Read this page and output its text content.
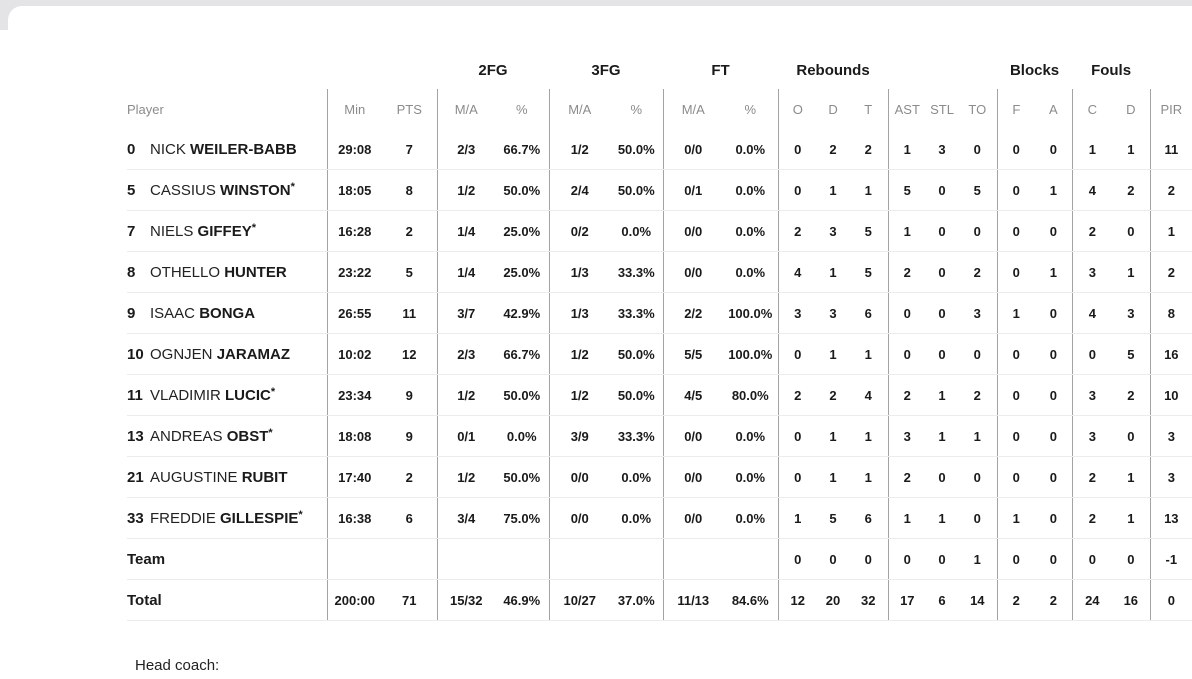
			2FG		3FG		FT		Rebounds						Blocks		Fouls		
Player	Min	PTS	M/A	%	M/A	%	M/A	%	O	D	T	AST	STL	TO	F	A	C	D	PIR
0 NICK WEILER-BABB	29:08	7	2/3	66.7%	1/2	50.0%	0/0	0.0%	0	2	2	1	3	0	0	0	1	1	11
5 CASSIUS WINSTON*	18:05	8	1/2	50.0%	2/4	50.0%	0/1	0.0%	0	1	1	5	0	5	0	1	4	2	2
7 NIELS GIFFEY*	16:28	2	1/4	25.0%	0/2	0.0%	0/0	0.0%	2	3	5	1	0	0	0	0	2	0	1
8 OTHELLO HUNTER	23:22	5	1/4	25.0%	1/3	33.3%	0/0	0.0%	4	1	5	2	0	2	0	1	3	1	2
9 ISAAC BONGA	26:55	11	3/7	42.9%	1/3	33.3%	2/2	100.0%	3	3	6	0	0	3	1	0	4	3	8
10 OGNJEN JARAMAZ	10:02	12	2/3	66.7%	1/2	50.0%	5/5	100.0%	0	1	1	0	0	0	0	0	0	5	16
11 VLADIMIR LUCIC*	23:34	9	1/2	50.0%	1/2	50.0%	4/5	80.0%	2	2	4	2	1	2	0	0	3	2	10
13 ANDREAS OBST*	18:08	9	0/1	0.0%	3/9	33.3%	0/0	0.0%	0	1	1	3	1	1	0	0	3	0	3
21 AUGUSTINE RUBIT	17:40	2	1/2	50.0%	0/0	0.0%	0/0	0.0%	0	1	1	2	0	0	0	0	2	1	3
33 FREDDIE GILLESPIE*	16:38	6	3/4	75.0%	0/0	0.0%	0/0	0.0%	1	5	6	1	1	0	1	0	2	1	13
Team									0	0	0	0	0	1	0	0	0	0	-1
Total	200:00	71	15/32	46.9%	10/27	37.0%	11/13	84.6%	12	20	32	17	6	14	2	2	24	16	0
Head coach:
